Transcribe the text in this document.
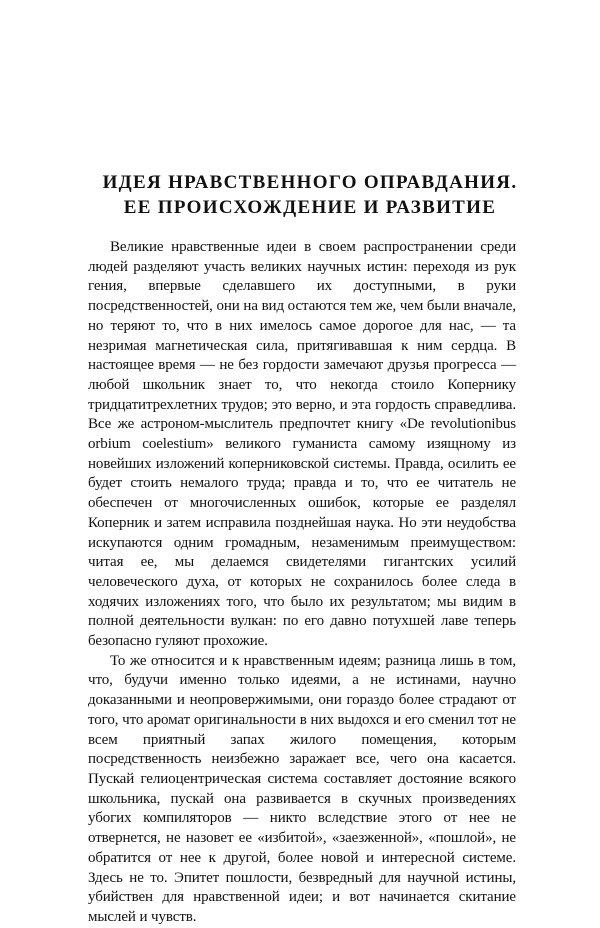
ИДЕЯ НРАВСТВЕННОГО ОПРАВДАНИЯ.
ЕЕ ПРОИСХОЖДЕНИЕ И РАЗВИТИЕ

Великие нравственные идеи в своем распространении среди людей разделяют участь великих научных истин: переходя из рук гения, впервые сделавшего их доступными, в руки посредственностей, они на вид остаются тем же, чем были вначале, но теряют то, что в них имелось самое дорогое для нас, — та незримая магнетическая сила, притягивавшая к ним сердца. В настоящее время — не без гордости замечают друзья прогресса — любой школьник знает то, что некогда стоило Копернику тридцатитрехлетних трудов; это верно, и эта гордость справедлива. Все же астроном-мыслитель предпочтет книгу «De revolutionibus orbium coelestium» великого гуманиста самому изящному из новейших изложений коперниковской системы. Правда, осилить ее будет стоить немалого труда; правда и то, что ее читатель не обеспечен от многочисленных ошибок, которые ее разделял Коперник и затем исправила позднейшая наука. Но эти неудобства искупаются одним громадным, незаменимым преимуществом: читая ее, мы делаемся свидетелями гигантских усилий человеческого духа, от которых не сохранилось более следа в ходячих изложениях того, что было их результатом; мы видим в полной деятельности вулкан: по его давно потухшей лаве теперь безопасно гуляют прохожие.

То же относится и к нравственным идеям; разница лишь в том, что, будучи именно только идеями, а не истинами, научно доказанными и неопровержимыми, они гораздо более страдают от того, что аромат оригинальности в них выдохся и его сменил тот не всем приятный запах жилого помещения, которым посредственность неизбежно заражает все, чего она касается. Пускай гелиоцентрическая система составляет достояние всякого школьника, пускай она развивается в скучных произведениях убогих компиляторов — никто вследствие этого от нее не отвернется, не назовет ее «избитой», «заезженной», «пошлой», не обратится от нее к другой, более новой и интересной системе. Здесь не то. Эпитет пошлости, безвредный для научной истины, убийствен для нравственной идеи; и вот начинается скитание мыслей и чувств.
